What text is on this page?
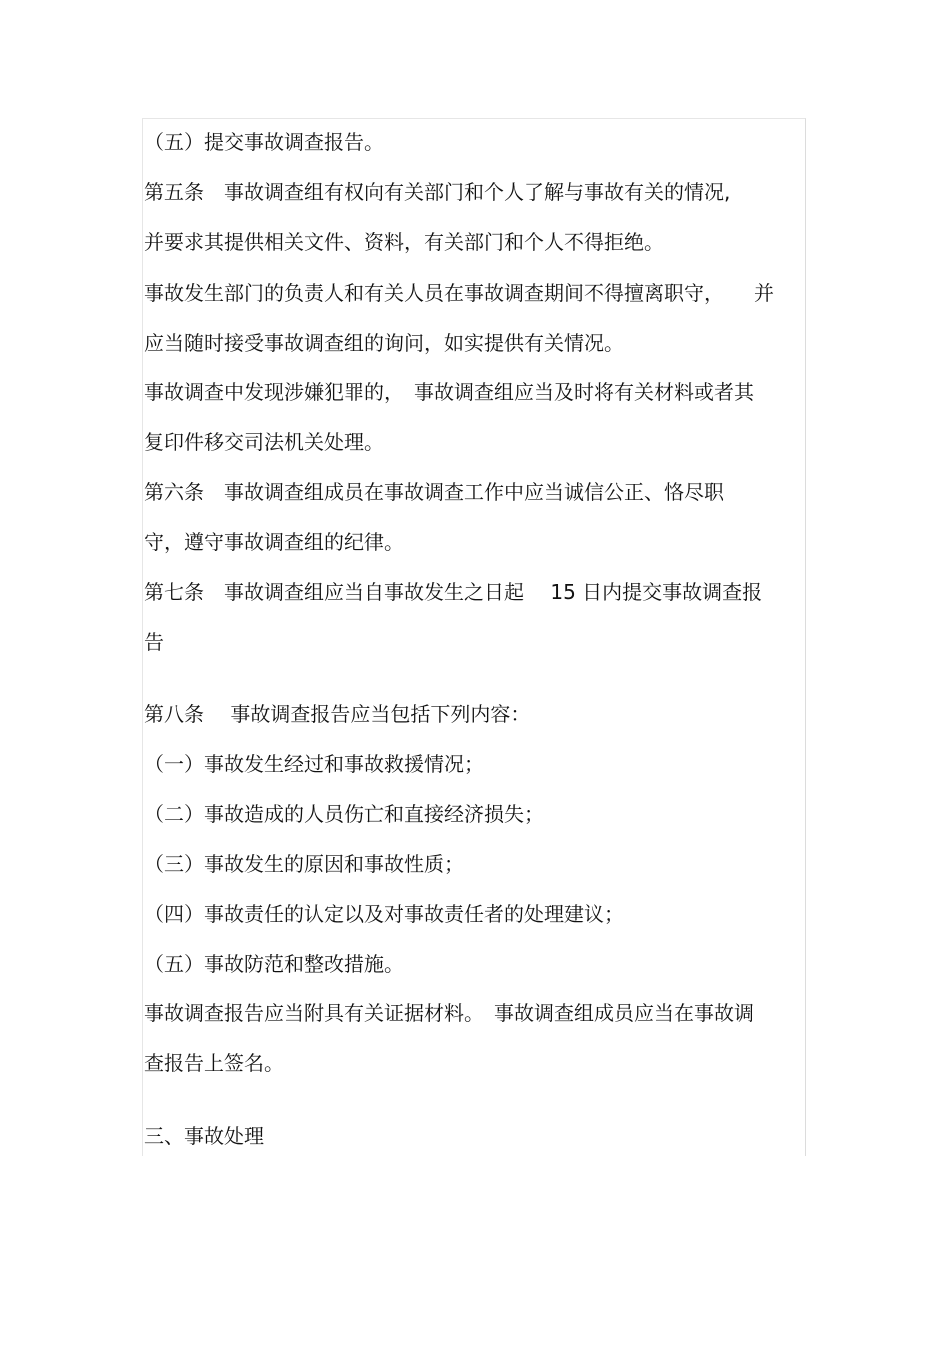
（五）提交事故调查报告。
第五条　事故调查组有权向有关部门和个人了解与事故有关的情况,
并要求其提供相关文件、资料，有关部门和个人不得拒绝。
事故发生部门的负责人和有关人员在事故调查期间不得擅离职守，　　并
应当随时接受事故调查组的询问，如实提供有关情况。
事故调查中发现涉嫌犯罪的，　事故调查组应当及时将有关材料或者其
复印件移交司法机关处理。
第六条　事故调查组成员在事故调查工作中应当诚信公正、恪尽职
守，遵守事故调查组的纪律。
第七条　事故调查组应当自事故发生之日起　 15 日内提交事故调查报
告
第八条　 事故调查报告应当包括下列内容：
（一）事故发生经过和事故救援情况；
（二）事故造成的人员伤亡和直接经济损失；
（三）事故发生的原因和事故性质；
（四）事故责任的认定以及对事故责任者的处理建议；
（五）事故防范和整改措施。
事故调查报告应当附具有关证据材料。　事故调查组成员应当在事故调
查报告上签名。
三、事故处理
